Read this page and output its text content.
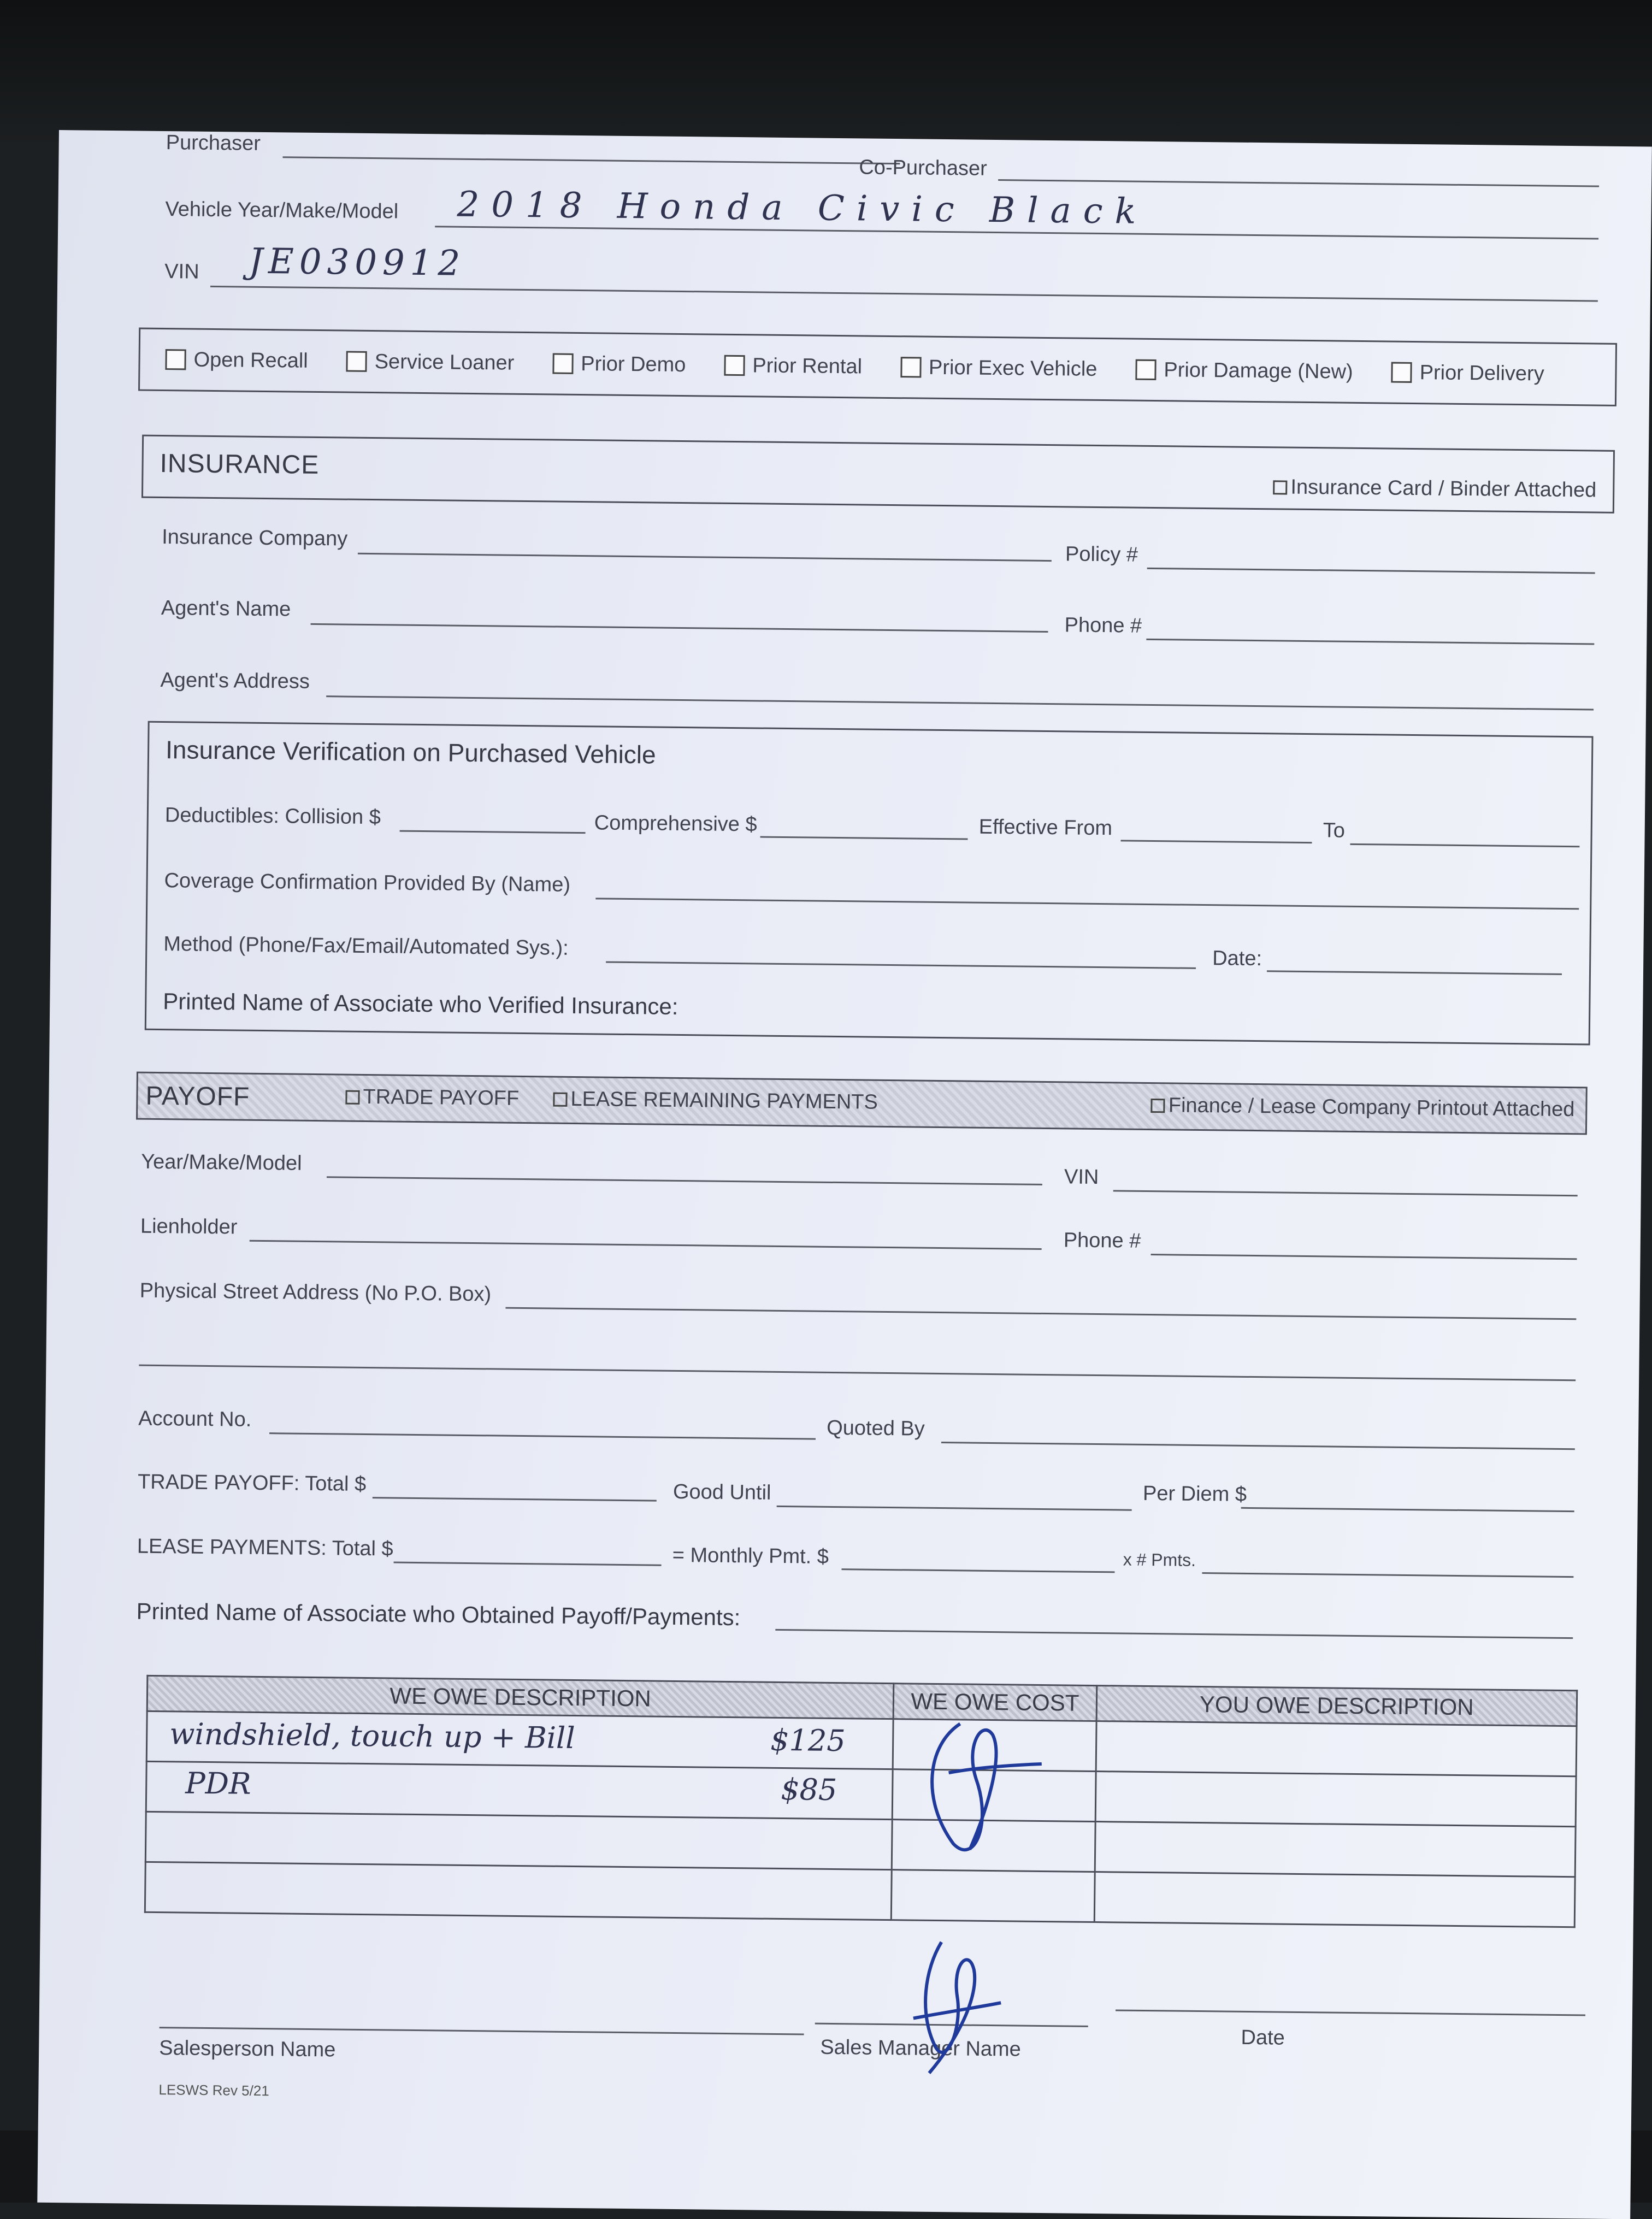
Purchaser
Co-Purchaser
Vehicle Year/Make/Model 2018 Honda Civic Black
VIN JE030912
Open Recall	Service Loaner	Prior Demo	Prior Rental	Prior Exec Vehicle	Prior Damage (New)	Prior Delivery
INSURANCE
Insurance Card / Binder Attached
Insurance Company
Policy #
Agent's Name
Phone #
Agent's Address
Insurance Verification on Purchased Vehicle
Deductibles: Collision $	Comprehensive $	Effective From	To
Coverage Confirmation Provided By (Name)
Method (Phone/Fax/Email/Automated Sys.):	Date:
Printed Name of Associate who Verified Insurance:
PAYOFF	TRADE PAYOFF LEASE REMAINING PAYMENTS	Finance / Lease Company Printout Attached
Year/Make/Model
VIN
Lienholder
Phone #
Physical Street Address (No P.O. Box)
Account No.	Quoted By
TRADE PAYOFF: Total $	Good Until	Per Diem $
LEASE PAYMENTS: Total $	= Monthly Pmt. $	x # Pmts.
Printed Name of Associate who Obtained Payoff/Payments:
WE OWE DESCRIPTION	WE OWE COST	YOU OWE DESCRIPTION

windshield, touch up + Bill $125		

PDR $85		

Salesperson Name	Sales Manager Name	Date
LESWS Rev 5/21
